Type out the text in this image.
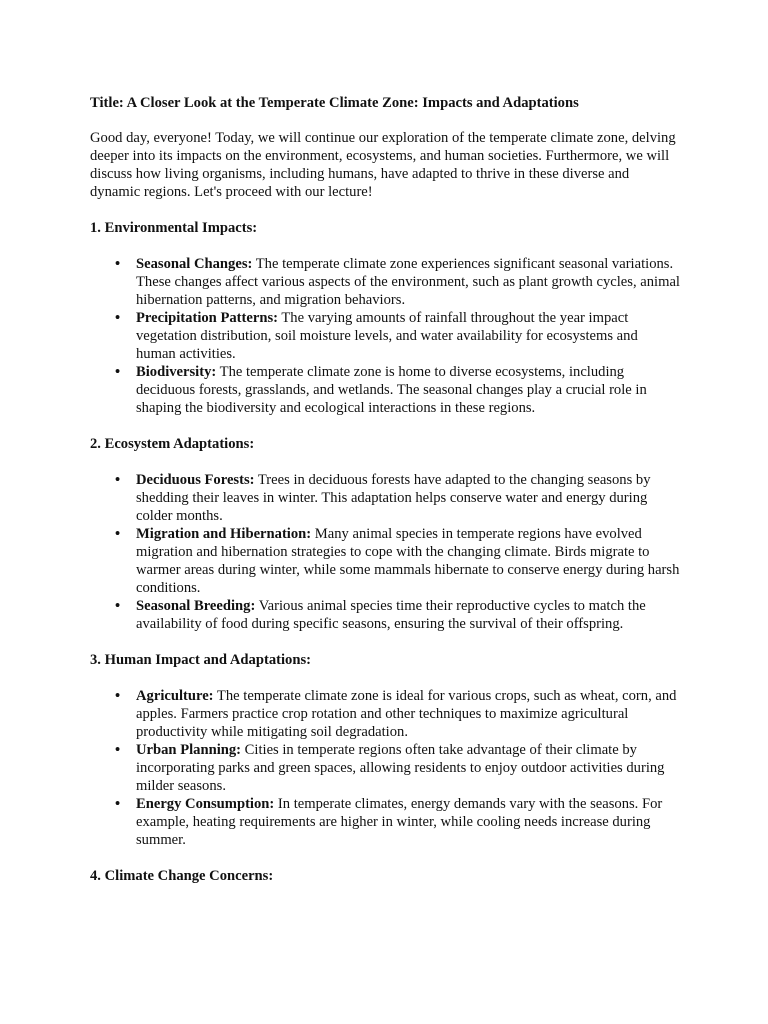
Title: A Closer Look at the Temperate Climate Zone: Impacts and Adaptations

Good day, everyone! Today, we will continue our exploration of the temperate climate zone, delving deeper into its impacts on the environment, ecosystems, and human societies. Furthermore, we will discuss how living organisms, including humans, have adapted to thrive in these diverse and dynamic regions. Let's proceed with our lecture!

1. Environmental Impacts:

• Seasonal Changes: The temperate climate zone experiences significant seasonal variations. These changes affect various aspects of the environment, such as plant growth cycles, animal hibernation patterns, and migration behaviors.
• Precipitation Patterns: The varying amounts of rainfall throughout the year impact vegetation distribution, soil moisture levels, and water availability for ecosystems and human activities.
• Biodiversity: The temperate climate zone is home to diverse ecosystems, including deciduous forests, grasslands, and wetlands. The seasonal changes play a crucial role in shaping the biodiversity and ecological interactions in these regions.

2. Ecosystem Adaptations:

• Deciduous Forests: Trees in deciduous forests have adapted to the changing seasons by shedding their leaves in winter. This adaptation helps conserve water and energy during colder months.
• Migration and Hibernation: Many animal species in temperate regions have evolved migration and hibernation strategies to cope with the changing climate. Birds migrate to warmer areas during winter, while some mammals hibernate to conserve energy during harsh conditions.
• Seasonal Breeding: Various animal species time their reproductive cycles to match the availability of food during specific seasons, ensuring the survival of their offspring.

3. Human Impact and Adaptations:

• Agriculture: The temperate climate zone is ideal for various crops, such as wheat, corn, and apples. Farmers practice crop rotation and other techniques to maximize agricultural productivity while mitigating soil degradation.
• Urban Planning: Cities in temperate regions often take advantage of their climate by incorporating parks and green spaces, allowing residents to enjoy outdoor activities during milder seasons.
• Energy Consumption: In temperate climates, energy demands vary with the seasons. For example, heating requirements are higher in winter, while cooling needs increase during summer.

4. Climate Change Concerns:
